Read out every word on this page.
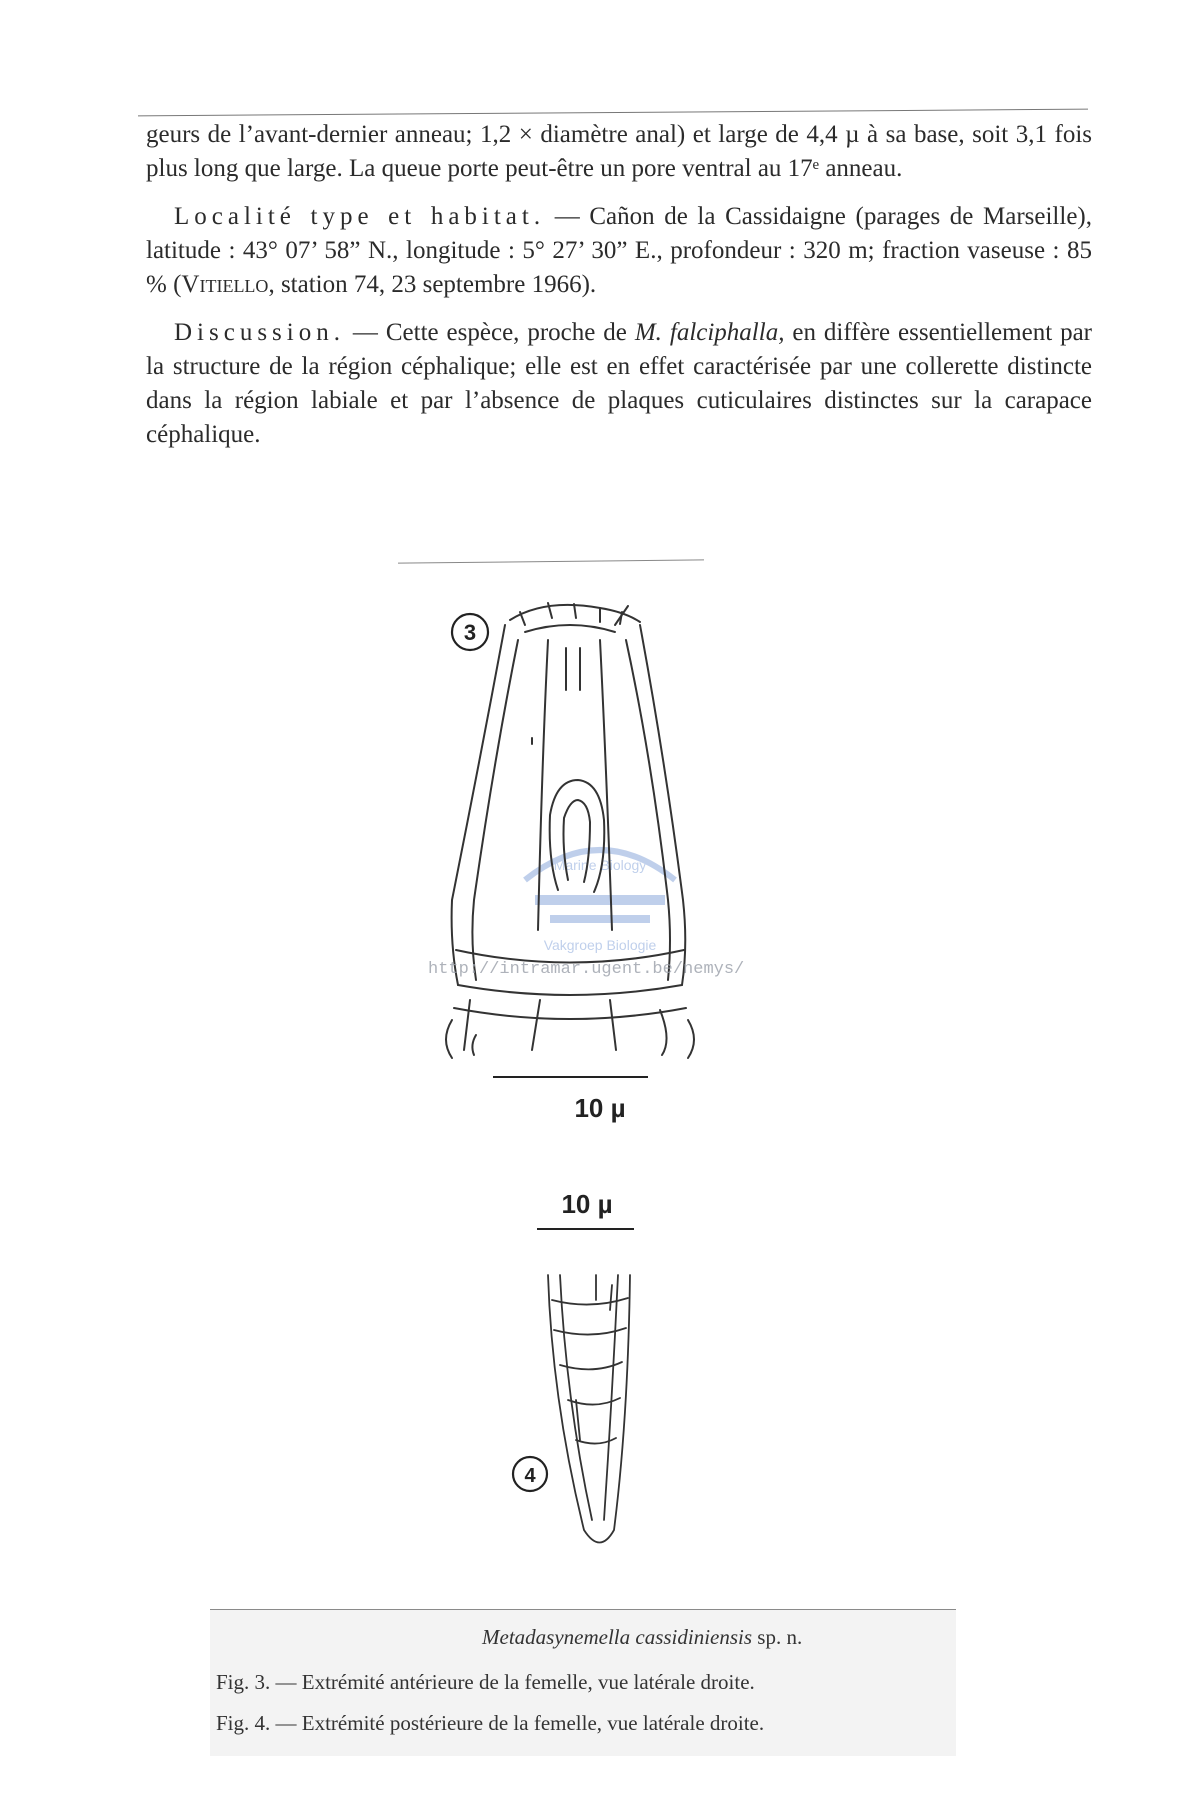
geurs de l’avant-dernier anneau; 1,2 × diamètre anal) et large de 4,4 µ à sa base, soit 3,1 fois plus long que large. La queue porte peut-être un pore ventral au 17ᵉ anneau.

Localité type et habitat. — Cañon de la Cassidaigne (parages de Marseille), latitude : 43° 07’ 58” N., longitude : 5° 27’ 30” E., profondeur : 320 m; fraction vaseuse : 85 % (Vitiello, station 74, 23 septembre 1966).

Discussion. — Cette espèce, proche de M. falciphalla, en diffère essentiellement par la structure de la région céphalique; elle est en effet caractérisée par une collerette distincte dans la région labiale et par l’absence de plaques cuticulaires distinctes sur la carapace céphalique.

Marine Biology
Vakgroep Biologie
3
10 µ
10 µ
4
http://intramar.ugent.be/nemys/
Metadasynemella cassidiniensis sp. n.
Fig. 3. — Extrémité antérieure de la femelle, vue latérale droite.
Fig. 4. — Extrémité postérieure de la femelle, vue latérale droite.
